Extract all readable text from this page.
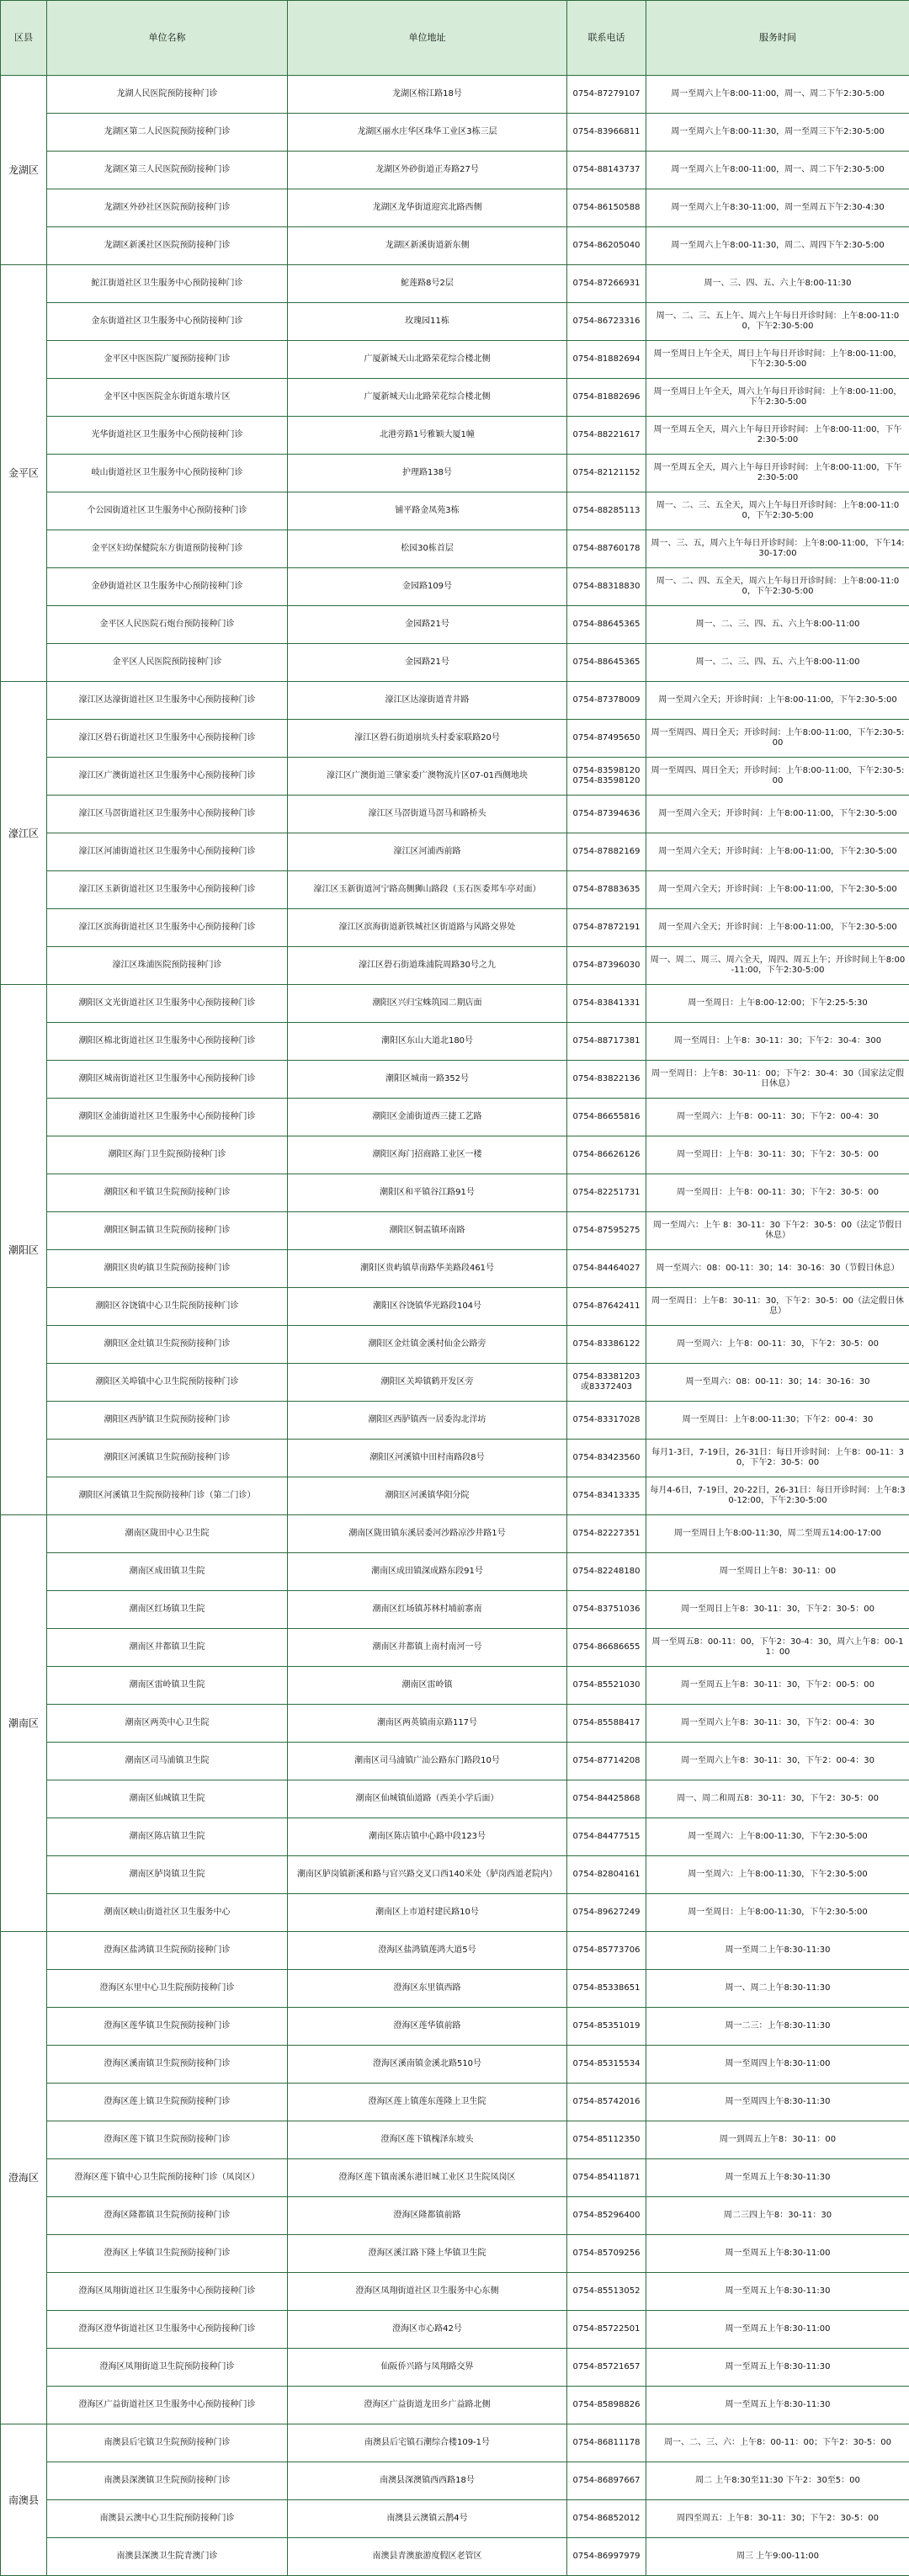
区县	单位名称	单位地址	联系电话	服务时间
龙湖区	龙湖人民医院预防接种门诊	龙湖区榕江路18号	0754-87279107	周一至周六上午8:00-11:00，周一、周二下午2:30-5:00
	龙湖区第二人民医院预防接种门诊	龙湖区丽水庄华区珠华工业区3栋三层	0754-83966811	周一至周六上午8:00-11:30，周一至周三下午2:30-5:00
	龙湖区第三人民医院预防接种门诊	龙湖区外砂街道正寿路27号	0754-88143737	周一至周六上午8:00-11:00，周一、周二下午2:30-5:00
	龙湖区外砂社区医院预防接种门诊	龙湖区龙华街道迎宾北路西侧	0754-86150588	周一至周六上午8:30-11:00，周一至周五下午2:30-4:30
	龙湖区新溪社区医院预防接种门诊	龙湖区新溪街道新东侧	0754-86205040	周一至周六上午8:00-11:30，周二、周四下午2:30-5:00
金平区	鮀江街道社区卫生服务中心预防接种门诊	鮀莲路8号2层	0754-87266931	周一、三、四、五、六上午8:00-11:30
	金东街道社区卫生服务中心预防接种门诊	玫瑰园11栋	0754-86723316	周一、二、三、五上午、周六上午每日开诊时间：上午8:00-11:00，下午2:30-5:00
	金平区中医医院广厦预防接种门诊	广厦新城天山北路荣花综合楼北侧	0754-81882694	周一至周日上午全天，周日上午每日开诊时间：上午8:00-11:00，下午2:30-5:00
	金平区中医医院金东街道东墩片区	广厦新城天山北路荣花综合楼北侧	0754-81882696	周一至周日上午全天，周六上午每日开诊时间：上午8:00-11:00，下午2:30-5:00
	光华街道社区卫生服务中心预防接种门诊	北港旁路1号雅颖大厦1幢	0754-88221617	周一至周五全天，周六上午每日开诊时间：上午8:00-11:00，下午2:30-5:00
	岐山街道社区卫生服务中心预防接种门诊	护理路138号	0754-82121152	周一至周五全天，周六上午每日开诊时间：上午8:00-11:00，下午2:30-5:00
	个公园街道社区卫生服务中心预防接种门诊	铺平路金凤苑3栋	0754-88285113	周一、二、三、五全天，周六上午每日开诊时间：上午8:00-11:00，下午2:30-5:00
	金平区妇幼保健院东方街道预防接种门诊	松园30栋首层	0754-88760178	周一、三、五，周六上午每日开诊时间：上午8:00-11:00，下午14:30-17:00
	金砂街道社区卫生服务中心预防接种门诊	金园路109号	0754-88318830	周一、二、四、五全天，周六上午每日开诊时间：上午8:00-11:00，下午2:30-5:00
	金平区人民医院石炮台预防接种门诊	金园路21号	0754-88645365	周一、二、三、四、五、六上午8:00-11:00
	金平区人民医院预防接种门诊	金园路21号	0754-88645365	周一、二、三、四、五、六上午8:00-11:00
濠江区	濠江区达濠街道社区卫生服务中心预防接种门诊	濠江区达濠街道青井路	0754-87378009	周一至周六全天；开诊时间：上午8:00-11:00，下午2:30-5:00
	濠江区礐石街道社区卫生服务中心预防接种门诊	濠江区礐石街道崩坑头村委家联路20号	0754-87495650	周一至周四、周日全天；开诊时间：上午8:00-11:00，下午2:30-5:00
	濠江区广澳街道社区卫生服务中心预防接种门诊	濠江区广澳街道三肇家委广澳物流片区07-01西侧地块	0754-83598120 0754-83598120	周一至周四、周日全天；开诊时间：上午8:00-11:00，下午2:30-5:00
	濠江区马滘街道社区卫生服务中心预防接种门诊	濠江区马滘街道马滘马和路桥头	0754-87394636	周一至周六全天；开诊时间：上午8:00-11:00，下午2:30-5:00
	濠江区河浦街道社区卫生服务中心预防接种门诊	濠江区河浦西前路	0754-87882169	周一至周六全天；开诊时间：上午8:00-11:00，下午2:30-5:00
	濠江区玉新街道社区卫生服务中心预防接种门诊	濠江区玉新街道河宁路高侧狮山路段（玉石医委邦车亭对面）	0754-87883635	周一至周六全天；开诊时间：上午8:00-11:00，下午2:30-5:00
	濠江区滨海街道社区卫生服务中心预防接种门诊	濠江区滨海街道新铁城社区街道路与风路交界处	0754-87872191	周一至周六全天；开诊时间：上午8:00-11:00，下午2:30-5:00
	濠江区珠浦医院预防接种门诊	濠江区礐石街道珠浦院周路30号之九	0754-87396030	周一、周二、周三、周六全天，周四、周五上午；开诊时间上午8:00-11:00，下午2:30-5:00
潮阳区	潮阳区文光街道社区卫生服务中心预防接种门诊	潮阳区兴归宝蛛筑园二期店面	0754-83841331	周一至周日：上午8:00-12:00；下午2:25-5:30
	潮阳区棉北街道社区卫生服务中心预防接种门诊	潮阳区东山大道北180号	0754-88717381	周一至周日：上午8：30-11：30；下午2：30-4：300
	潮阳区城南街道社区卫生服务中心预防接种门诊	潮阳区城南一路352号	0754-83822136	周一至周日：上午8：30-11：00；下午2：30-4：30（国家法定假日休息）
	潮阳区金浦街道社区卫生服务中心预防接种门诊	潮阳区金浦街道西三捷工艺路	0754-86655816	周一至周六：上午8：00-11：30；下午2：00-4：30
	潮阳区海门卫生院预防接种门诊	潮阳区海门招商路工业区一楼	0754-86626126	周一至周日：上午8：30-11：30；下午2：30-5：00
	潮阳区和平镇卫生院预防接种门诊	潮阳区和平镇谷江路91号	0754-82251731	周一至周日：上午8：00-11：30；下午2：30-5：00
	潮阳区铜盂镇卫生院预防接种门诊	潮阳区铜盂镇环南路	0754-87595275	周一至周六：上午 8：30-11：30 下午2：30-5：00（法定节假日休息）
	潮阳区贵屿镇卫生院预防接种门诊	潮阳区贵屿镇草南路华美路段461号	0754-84464027	周一至周六：08：00-11：30；14：30-16：30（节假日休息）
	潮阳区谷饶镇中心卫生院预防接种门诊	潮阳区谷饶镇华光路段104号	0754-87642411	周一至周日：上午8：30-11：30，下午2：30-5：00（法定假日休息）
	潮阳区金灶镇卫生院预防接种门诊	潮阳区金灶镇金溪村仙金公路旁	0754-83386122	周一至周六：上午8：00-11：30，下午2：30-5：00
	潮阳区关埠镇中心卫生院预防接种门诊	潮阳区关埠镇鹤开发区旁	0754-83381203 或83372403	周一至周六：08：00-11：30；14：30-16：30
	潮阳区西胪镇卫生院预防接种门诊	潮阳区西胪镇西一居委沟北洋坊	0754-83317028	周一至周日：上午8:00-11:30；下午2：00-4：30
	潮阳区河溪镇卫生院预防接种门诊	潮阳区河溪镇中田村南路段8号	0754-83423560	每月1-3日，7-19日，26-31日：每日开诊时间：上午8：00-11：30，下午2：30-5：00
	潮阳区河溪镇卫生院预防接种门诊（第二门诊）	潮阳区河溪镇华阳分院	0754-83413335	每月4-6日，7-19日，20-22日，26-31日：每日开诊时间：上午8:30-12:00，下午2:30-5:00
潮南区	潮南区陇田中心卫生院	潮南区陇田镇东溪居委河沙路凉沙井路1号	0754-82227351	周一至周日上午8:00-11:30，周二至周五14:00-17:00
	潮南区成田镇卫生院	潮南区成田镇深成路东段91号	0754-82248180	周一至周日上午8：30-11：00
	潮南区红场镇卫生院	潮南区红场镇苏林村埔前寨南	0754-83751036	周一至周日上午8：30-11：30，下午2：30-5：00
	潮南区井都镇卫生院	潮南区井都镇上南村南河一号	0754-86686655	周一至周五8：00-11：00，下午2：30-4：30，周六上午8：00-11：00
	潮南区雷岭镇卫生院	潮南区雷岭镇	0754-85521030	周一至周五上午8：30-11：30，下午2：00-5：00
	潮南区两英中心卫生院	潮南区两英镇南京路117号	0754-85588417	周一至周六上午8：30-11：30，下午2：00-4：30
	潮南区司马浦镇卫生院	潮南区司马浦镇广汕公路东门路段10号	0754-87714208	周一至周六上午8：30-11：30，下午2：00-4：30
	潮南区仙城镇卫生院	潮南区仙城镇仙道路（西美小学后面）	0754-84425868	周一、周二和周五8：30-11：30，下午2：30-5：00
	潮南区陈店镇卫生院	潮南区陈店镇中心路中段123号	0754-84477515	周一至周六：上午8:00-11:30，下午2:30-5:00
	潮南区胪岗镇卫生院	潮南区胪岗镇新溪和路与官兴路交叉口西140米处（胪岗西道老院内）	0754-82804161	周一至周六：上午8:00-11:30，下午2:30-5:00
	潮南区峡山街道社区卫生服务中心	潮南区上市道村建民路10号	0754-89627249	周一至周日：上午8:00-11:30，下午2:30-5:00
澄海区	澄海区盐鸿镇卫生院预防接种门诊	澄海区盐鸿镇莲鸿大道5号	0754-85773706	周一至周二上午8:30-11:30
	澄海区东里中心卫生院预防接种门诊	澄海区东里镇西路	0754-85338651	周一、周二上午8:30-11:30
	澄海区莲华镇卫生院预防接种门诊	澄海区莲华镇前路	0754-85351019	周一二三：上午8:30-11:30
	澄海区溪南镇卫生院预防接种门诊	澄海区溪南镇金溪北路510号	0754-85315534	周一至周四上午8:30-11:00
	澄海区莲上镇卫生院预防接种门诊	澄海区莲上镇莲东莲隆上卫生院	0754-85742016	周一至周四上午8:30-11:30
	澄海区莲下镇卫生院预防接种门诊	澄海区莲下镇槐泽东坡头	0754-85112350	周一到周五上午8：30-11：00
	澄海区莲下镇中心卫生院预防接种门诊（凤岗区）	澄海区莲下镇南溪东港旧城工业区卫生院凤岗区	0754-85411871	周一至周五上午8:30-11:30
	澄海区隆都镇卫生院预防接种门诊	澄海区隆都镇前路	0754-85296400	周二三四上午8：30-11：30
	澄海区上华镇卫生院预防接种门诊	澄海区溪江路下隆上华镇卫生院	0754-85709256	周一至周五上午8:30-11:00
	澄海区凤翔街道社区卫生服务中心预防接种门诊	澄海区凤翔街道社区卫生服务中心东侧	0754-85513052	周一至周五上午8:30-11:30
	澄海区澄华街道社区卫生服务中心预防接种门诊	澄海区市心路42号	0754-85722501	周一至周五上午8:30-11:00
	澄海区凤翔街道卫生院预防接种门诊	仙阪侨兴路与凤翔路交界	0754-85721657	周一至周五上午8:30-11:30
	澄海区广益街道社区卫生服务中心预防接种门诊	澄海区广益街道龙田乡广益路北侧	0754-85898826	周一至周五上午8:30-11:30
南澳县	南澳县后宅镇卫生院预防接种门诊	南澳县后宅镇石潮综合楼109-1号	0754-86811178	周一、二、三、六：上午8：00-11：00；下午2：30-5：00
	南澳县深澳镇卫生院预防接种门诊	南澳县深澳镇西西路18号	0754-86897667	周二 上午8:30至11:30 下午2：30至5：00
	南澳县云澳中心卫生院预防接种门诊	南澳县云澳镇云鹊4号	0754-86852012	周四至周五：上午8：30-11：30；下午2：30-5：00
	南澳县深澳卫生院青澳门诊	南澳县青澳旅游度假区老管区	0754-86997979	周三 上午9:00-11:00
